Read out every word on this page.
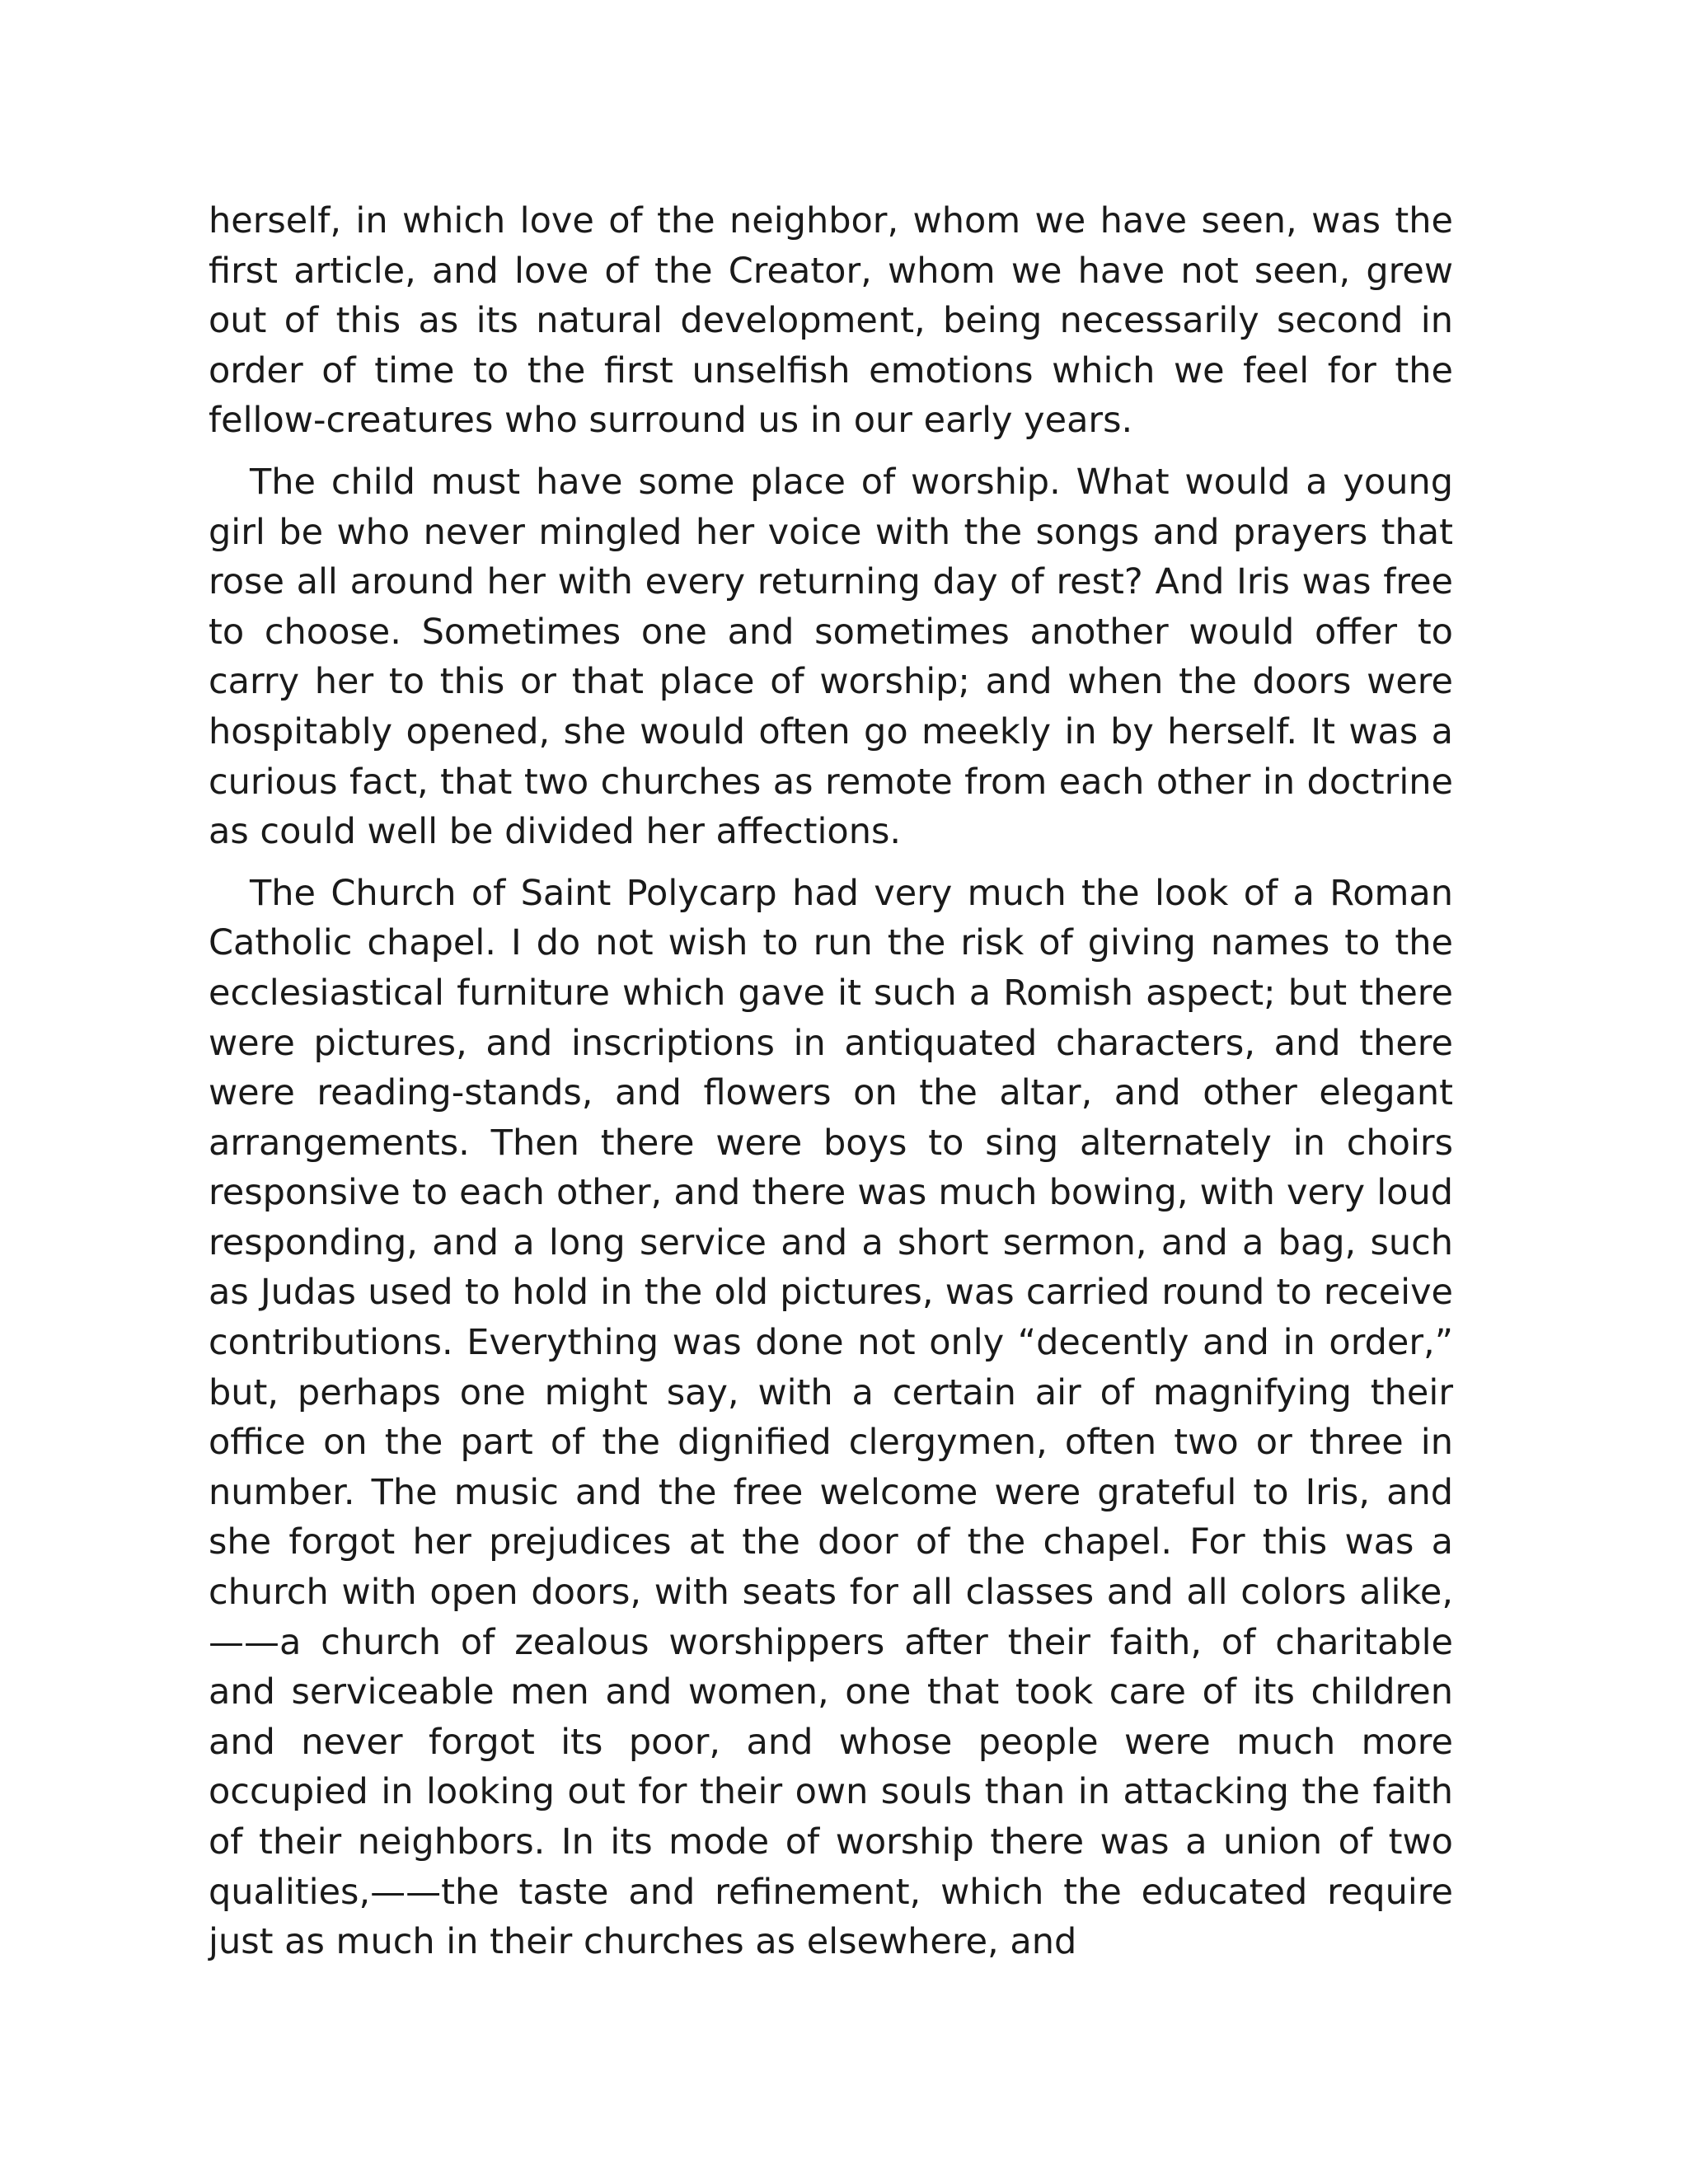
herself, in which love of the neighbor, whom we have seen, was the first article, and love of the Creator, whom we have not seen, grew out of this as its natural development, being necessarily second in order of time to the first unselfish emotions which we feel for the fellow-creatures who surround us in our early years.

The child must have some place of worship. What would a young girl be who never mingled her voice with the songs and prayers that rose all around her with every returning day of rest? And Iris was free to choose. Sometimes one and sometimes another would offer to carry her to this or that place of worship; and when the doors were hospitably opened, she would often go meekly in by herself. It was a curious fact, that two churches as remote from each other in doctrine as could well be divided her affections.

The Church of Saint Polycarp had very much the look of a Roman Catholic chapel. I do not wish to run the risk of giving names to the ecclesiastical furniture which gave it such a Romish aspect; but there were pictures, and inscriptions in antiquated characters, and there were reading-stands, and flowers on the altar, and other elegant arrangements. Then there were boys to sing alternately in choirs responsive to each other, and there was much bowing, with very loud responding, and a long service and a short sermon, and a bag, such as Judas used to hold in the old pictures, was carried round to receive contributions. Everything was done not only “decently and in order,” but, perhaps one might say, with a certain air of magnifying their office on the part of the dignified clergymen, often two or three in number. The music and the free welcome were grateful to Iris, and she forgot her prejudices at the door of the chapel. For this was a church with open doors, with seats for all classes and all colors alike,——a church of zealous worshippers after their faith, of charitable and serviceable men and women, one that took care of its children and never forgot its poor, and whose people were much more occupied in looking out for their own souls than in attacking the faith of their neighbors. In its mode of worship there was a union of two qualities,——the taste and refinement, which the educated require just as much in their churches as elsewhere, and
